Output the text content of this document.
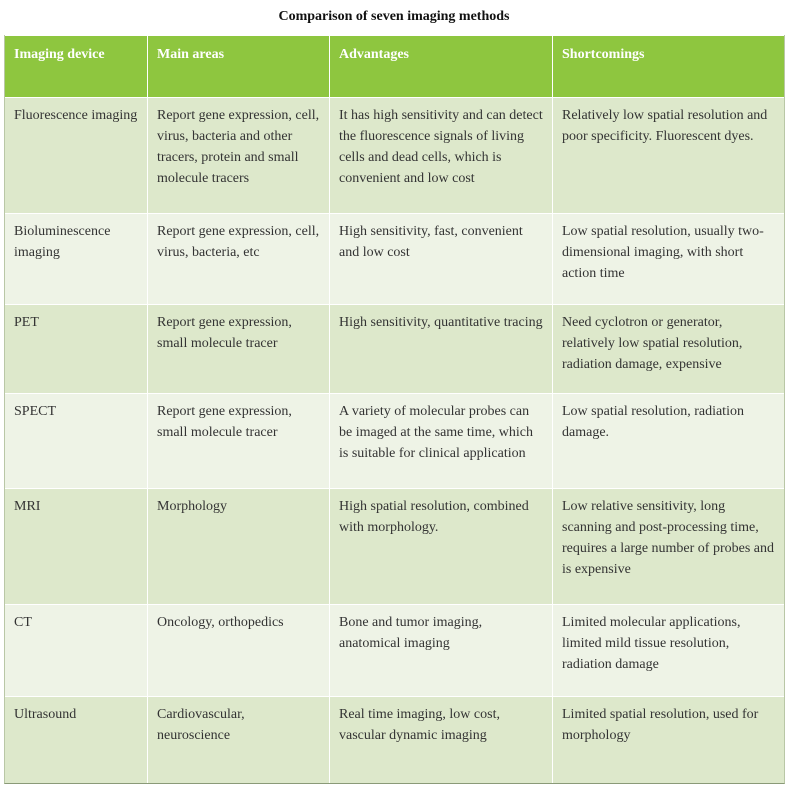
Comparison of seven imaging methods
Imaging device	Main areas	Advantages	Shortcomings
Fluorescence imaging	Report gene expression, cell, virus, bacteria and other tracers, protein and small molecule tracers	It has high sensitivity and can detect the fluorescence signals of living cells and dead cells, which is convenient and low cost	Relatively low spatial resolution and poor specificity. Fluorescent dyes.
Bioluminescence imaging	Report gene expression, cell, virus, bacteria, etc	High sensitivity, fast, convenient and low cost	Low spatial resolution, usually two-dimensional imaging, with short action time
PET	Report gene expression, small molecule tracer	High sensitivity, quantitative tracing	Need cyclotron or generator, relatively low spatial resolution, radiation damage, expensive
SPECT	Report gene expression, small molecule tracer	A variety of molecular probes can be imaged at the same time, which is suitable for clinical application	Low spatial resolution, radiation damage.
MRI	Morphology	High spatial resolution, combined with morphology.	Low relative sensitivity, long scanning and post-processing time, requires a large number of probes and is expensive
CT	Oncology, orthopedics	Bone and tumor imaging, anatomical imaging	Limited molecular applications, limited mild tissue resolution, radiation damage
Ultrasound	Cardiovascular, neuroscience	Real time imaging, low cost, vascular dynamic imaging	Limited spatial resolution, used for morphology
